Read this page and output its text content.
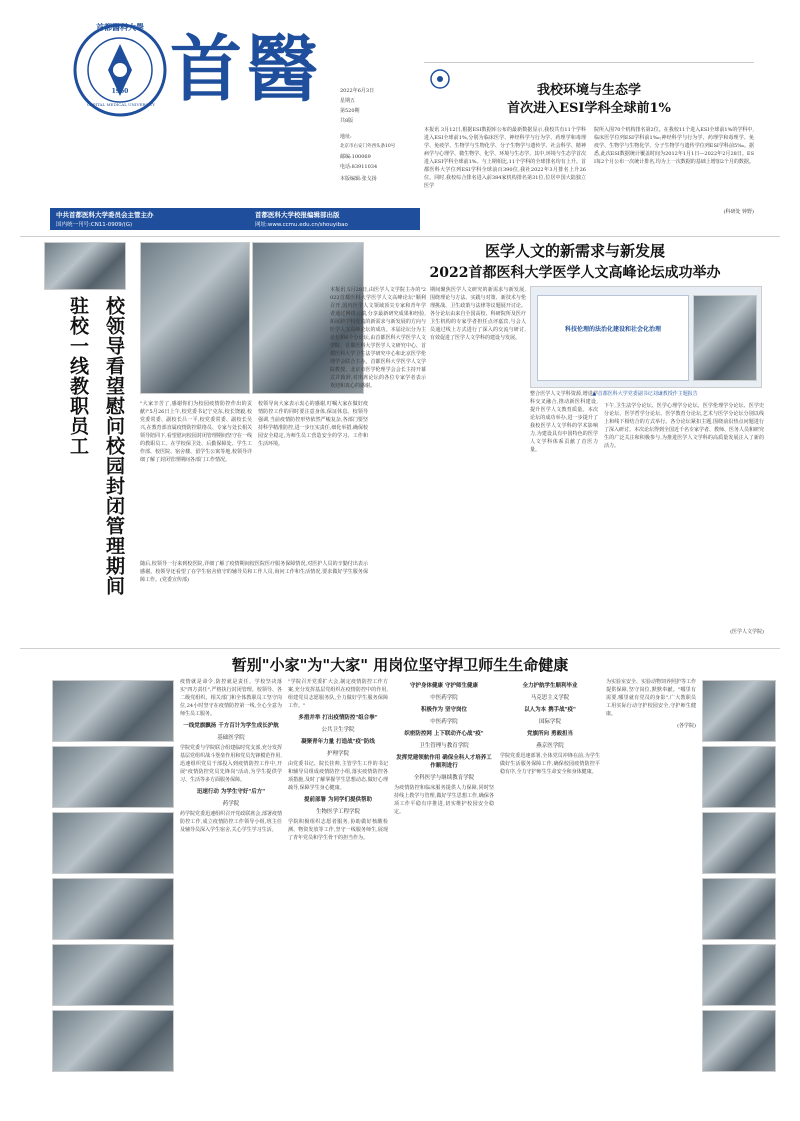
首都醫科大學
CAPITAL MEDICAL UNIVERSITY
1960 首醫	2022年6月3日
星期五
第520期
共8版
地址:
北京市右安门外西头条10号
邮编:100069
电话:83911034
本版编辑:张戈扬
中共首都医科大学委员会主管主办
国内统一刊号:CN11-0909/(G)
首都医科大学校报编辑部出版
网址:www.ccmu.edu.cn/shouyibao
我校环境与生态学
首次进入ESI学科全球前1%
本报讯 3月12日,根据ESI数据库公布的最新数据显示,我校共有11个学科进入ESI全球前1%,分别为临床医学、神经科学与行为学、药理学和毒理学、免疫学、生物学与生物化学、分子生物学与遗传学、社会科学、精神病学与心理学、微生物学、化学、环境与生态学。其中,环境与生态学首次进入ESI学科全球前1%。与上期相比,11个学科的全球排名均有上升。首都医科大学位列ESI学科全球前百390位,我社2022年3月排名上升26位。同时,我校综合排名进入前384家机构排名第31位,位居中国大陆独立医学
院所入围70个机构排名第2位。在我校11个进入ESI全球前1%的学科中,临床医学位列ESI学科前1‰;神经科学与行为学、药理学和毒理学、免疫学、生物学与生物化学、分子生物学与遗传学位列ESI学科前5‰。据悉,此次ESI数据统计覆盖时间为2012年1月1日—2022年2月28日。ESI每2个月公布一次统计排名,均为上一次数据的基础上增加2个月的数据。
(科研处 钟野)
校领导看望慰问校园封闭管理期间驻校一线教职员工	"大家辛苦了,感谢你们为校园疫情防控作出的贡献!"5月26日上午,校党委书记宁克东,校长饶毅,校党委常委、副校长吕一平,校党委常委、副校长吴兴,在教育部直属疫情防控联络员、专家与处长相关领导陪同下,看望慰问校园封闭管理期间坚守在一线的教职员工。在学校保卫处、后勤保障处、学生工作部、校医院、宿舍楼、留学生公寓等地,校领导详细了解了封闭管理期间各部门工作情况。
校领导向大家表示衷心的感谢,叮嘱大家在做好疫情防控工作的同时要注意身体,保证休息。校领导强调,当前疫情防控形势依然严峻复杂,各部门要坚持科学精准防控,进一步压实责任,细化举措,确保校园安全稳定,为师生员工营造安全的学习、工作和生活环境。
随后,校领导一行来到校医院,详细了解了疫情期间校医院医疗服务保障情况,对医护人员的辛勤付出表示感谢。校领导还看望了在学生宿舍值守的辅导员和工作人员,询问工作和生活情况,要求做好学生服务保障工作。(党委宣传部)
医学人文的新需求与新发展
2022首都医科大学医学人文高峰论坛成功举办
本报讯 5月28日,由医学人文学院主办的"2022首都医科大学医学人文高峰论坛"顺利召开,国内医学人文领域顶尖专家和青年学者通过网络云端,分享最新研究成果和经验,拓展跨学科交流的新需求与新发展的方向与医学人文高峰论坛的成功。本届论坛分为主论坛和6个分论坛,由首都医科大学医学人文学院、首都医科大学医学人文研究中心、首都医科大学卫生法学研究中心和北京医学伦理学会联合主办。首都医科大学医学人文学院教授、北京市医学伦理学会会长主持开幕式并致辞,对出席论坛的各位专家学者表示欢迎和衷心的感谢。
期间聚焦医学人文研究的新需求与新发展,围绕理论与方法、实践与对策、新技术与伦理挑战、卫生政策与法律等议题展开讨论。各分论坛由来自全国高校、科研院所及医疗卫生机构的专家学者担任点评嘉宾,与会人员通过线上方式进行了深入的交流与研讨,有效促进了医学人文学科的建设与发展。
整合医学人文学科资源,增进学科交叉融合,推动新医科建设,提升医学人文教育质量。本次论坛的成功举办,进一步提升了我校医学人文学科的学术影响力,为建设具有中国特色的医学人文学科体系贡献了首医力量。
科技伦理的法治化建设和社会化治理
▲ 首都医科大学党委副书记刘谦教授作主题报告
下午,卫生法学分论坛、医学心理学分论坛、医学伦理学分论坛、医学史分论坛、医学哲学分论坛、医学教育分论坛,艺术与医学分论坛分别以线上和线下相结合的方式举行。各分论坛紧扣主题,围绕前沿热点问题进行了深入研讨。本次论坛得到全国近千名专家学者、教师、医务人员和研究生的广泛关注和积极参与,为推进医学人文学科的高质量发展注入了新的活力。
(医学人文学院)
暂别"小家"为"大家" 用岗位坚守捍卫师生生命健康
疫情就是命令,防控就是责任。学校坚决落实"四方责任",严格执行封闭管理。校领导、各二级党组织、相关部门和全体教职员工坚守岗位,24小时坚守在疫情防控第一线,全心全意为师生员工服务。
一线党旗飘扬 千方百计为学生成长护航
基础医学院
学院党委与学院联合组建临时党支部,充分发挥基层党组织战斗堡垒作用和党员先锋模范作用,迅速组织党员干部投入到疫情防控工作中,开展"疫情防控党员先锋岗"活动,为学生提供学习、生活等多方面服务保障。
迅速行动 为学生守好"后方"
药学院
药学院党委迅速组织召开党政联席会,部署疫情防控工作,成立疫情防控工作领导小组,班主任及辅导员深入学生宿舍,关心学生学习生活。
"学院召开党委扩大会,制定疫情防控工作方案,充分发挥基层党组织在疫情防控中的作用,组建党员志愿服务队,全力做好学生服务保障工作。"
多措并举 打出疫情防控"组合拳"
公共卫生学院
凝聚青年力量 打造战"疫"防线
护理学院
由党委书记、院长挂帅,主管学生工作的书记和辅导员组成疫情防控小组,落实疫情防控各项措施,及时了解掌握学生思想动态,做好心理疏导,保障学生身心健康。
提前部署 为同学们提供帮助
生物医学工程学院
学院积极组织志愿者服务,协助做好核酸检测、物资发放等工作,坚守一线服务师生,展现了青年党员和学生骨干的担当作为。
守护身体健康 守护师生健康
中医药学院
积极作为 坚守岗位
中医药学院
织密防控网 上下联动齐心战"疫"
卫生管理与教育学院
发挥党建领航作用 确保全科人才培养工作顺利进行
全科医学与继续教育学院
为疫情防控和临床服务提供人力保障,同时坚持线上教学与管理,做好学生思想工作,确保各项工作平稳有序推进,切实维护校园安全稳定。
全力护航学生顺利毕业
马克思主义学院
以人为本 携手战"疫"
国际学院
党旗所向 勇毅担当
燕京医学院
学院党委迅速部署,全体党员冲锋在前,为学生做好生活服务保障工作,确保校园疫情防控平稳有序,全力守护师生生命安全和身体健康。
为实验室安全、实验动物饲养照护等工作提供保障,坚守岗位,默默奉献。"哪里有需要,哪里就有党员的身影",广大教职员工用实际行动守护校园安全,守护师生健康。
(各学院)
